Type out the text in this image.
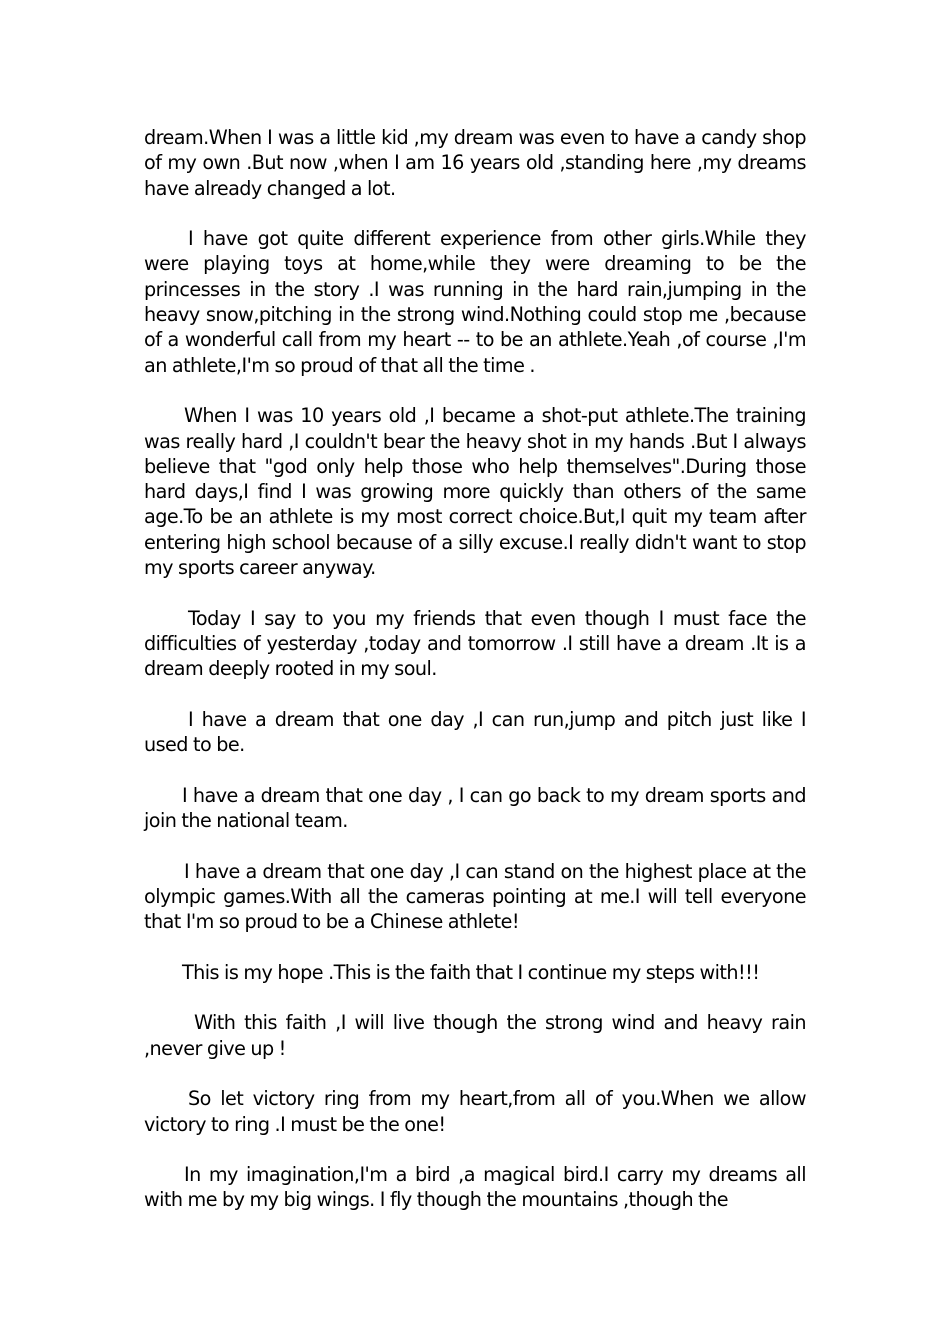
dream.When I was a little kid ,my dream was even to have a candy shop of my own .But now ,when I am 16 years old ,standing here ,my dreams have already changed a lot.

I have got quite different experience from other girls.While they were playing toys at home,while they were dreaming to be the princesses in the story .I was running in the hard rain,jumping in the heavy snow,pitching in the strong wind.Nothing could stop me ,because of a wonderful call from my heart -- to be an athlete.Yeah ,of course ,I'm an athlete,I'm so proud of that all the time .

When I was 10 years old ,I became a shot-put athlete.The training was really hard ,I couldn't bear the heavy shot in my hands .But I always believe that "god only help those who help themselves".During those hard days,I find I was growing more quickly than others of the same age.To be an athlete is my most correct choice.But,I quit my team after entering high school because of a silly excuse.I really didn't want to stop my sports career anyway.

Today I say to you my friends that even though I must face the difficulties of yesterday ,today and tomorrow .I still have a dream .It is a dream deeply rooted in my soul.

I have a dream that one day ,I can run,jump and pitch just like I used to be.

I have a dream that one day , I can go back to my dream sports and join the national team.

I have a dream that one day ,I can stand on the highest place at the olympic games.With all the cameras pointing at me.I will tell everyone that I'm so proud to be a Chinese athlete!

This is my hope .This is the faith that I continue my steps with!!!

With this faith ,I will live though the strong wind and heavy rain ,never give up !

So let victory ring from my heart,from all of you.When we allow victory to ring .I must be the one!

In my imagination,I'm a bird ,a magical bird.I carry my dreams all with me by my big wings. I fly though the mountains ,though the
